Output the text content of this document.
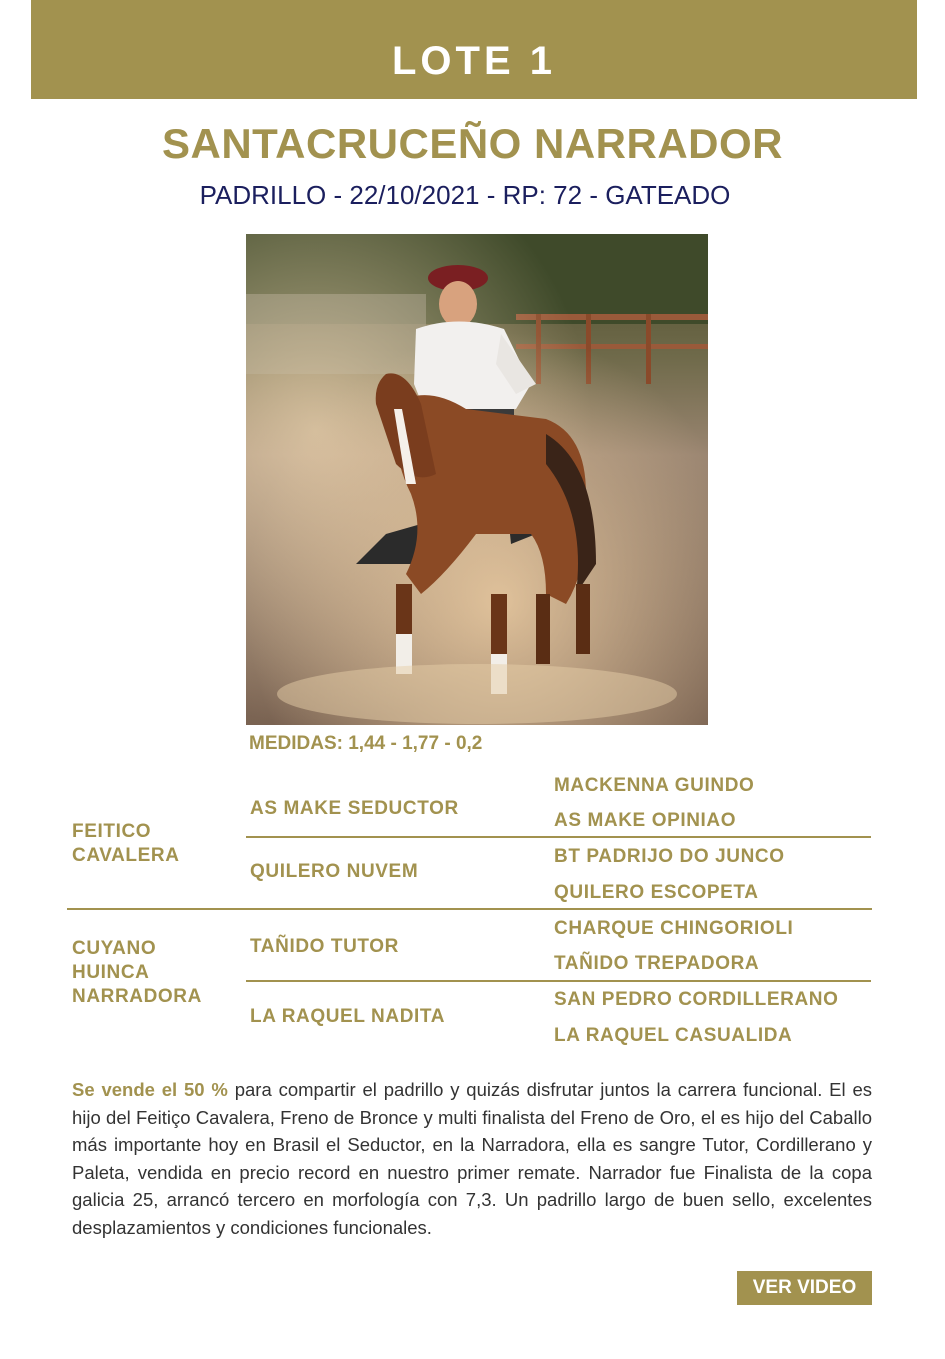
LOTE 1
SANTACRUCEÑO NARRADOR
PADRILLO - 22/10/2021 - RP: 72 - GATEADO
MEDIDAS: 1,44 - 1,77 - 0,2
FEITICO
CAVALERA
AS MAKE SEDUCTOR
MACKENNA GUINDO
AS MAKE OPINIAO
QUILERO NUVEM
BT PADRIJO DO JUNCO
QUILERO ESCOPETA
CUYANO
HUINCA
NARRADORA
TAÑIDO TUTOR
CHARQUE CHINGORIOLI
TAÑIDO TREPADORA
LA RAQUEL NADITA
SAN PEDRO CORDILLERANO
LA RAQUEL CASUALIDA
Se vende el 50 % para compartir el padrillo y quizás disfrutar juntos la carrera funcional. El es hijo del Feitiço Cavalera, Freno de Bronce y multi finalista del Freno de Oro, el es hijo del Caballo más importante hoy en Brasil el Seductor, en la Narradora, ella es sangre Tutor, Cordillerano y Paleta, vendida en precio record en nuestro primer remate. Narrador fue Finalista de la copa galicia 25, arrancó tercero en morfología con 7,3. Un padrillo largo de buen sello, excelentes desplazamientos y condiciones funcionales.
VER VIDEO
